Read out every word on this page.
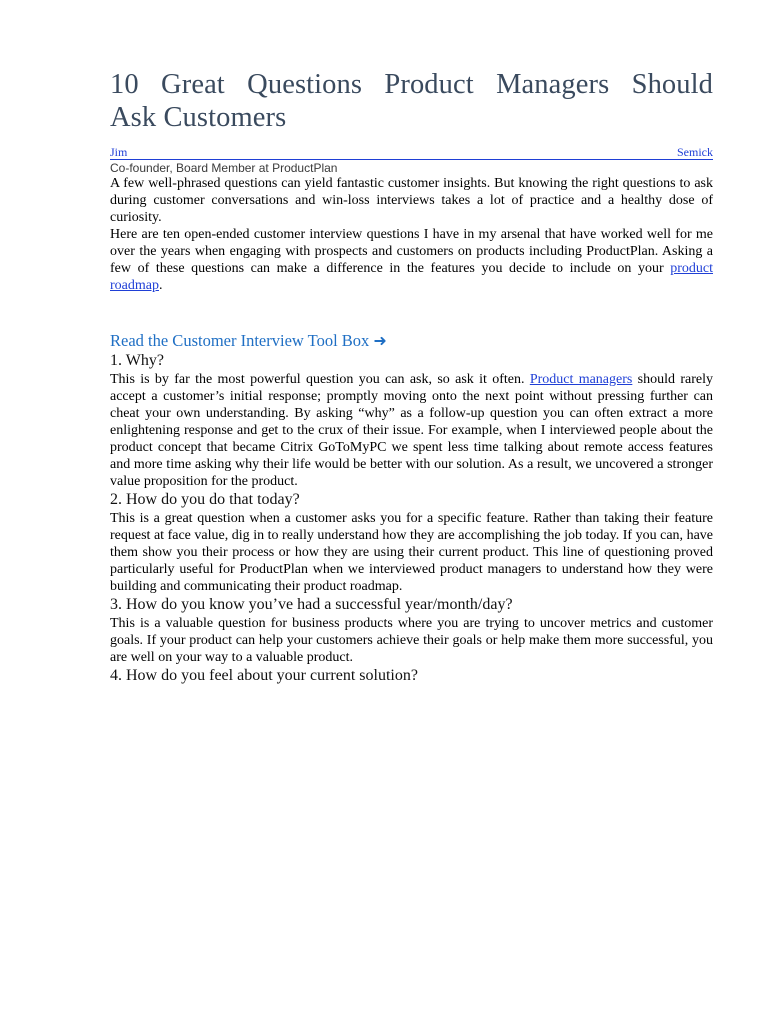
10 Great Questions Product Managers Should
Ask Customers
Jim	Semick
Co-founder, Board Member at ProductPlan

A few well-phrased questions can yield fantastic customer insights. But knowing the right questions to ask during customer conversations and win-loss interviews takes a lot of practice and a healthy dose of curiosity.

Here are ten open-ended customer interview questions I have in my arsenal that have worked well for me over the years when engaging with prospects and customers on products including ProductPlan. Asking a few of these questions can make a difference in the features you decide to include on your product roadmap.

Read the Customer Interview Tool Box ➜
1. Why?

This is by far the most powerful question you can ask, so ask it often. Product managers should rarely accept a customer’s initial response; promptly moving onto the next point without pressing further can cheat your own understanding. By asking “why” as a follow-up question you can often extract a more enlightening response and get to the crux of their issue. For example, when I interviewed people about the product concept that became Citrix GoToMyPC we spent less time talking about remote access features and more time asking why their life would be better with our solution. As a result, we uncovered a stronger value proposition for the product.

2. How do you do that today?

This is a great question when a customer asks you for a specific feature. Rather than taking their feature request at face value, dig in to really understand how they are accomplishing the job today. If you can, have them show you their process or how they are using their current product. This line of questioning proved particularly useful for ProductPlan when we interviewed product managers to understand how they were building and communicating their product roadmap.

3. How do you know you’ve had a successful year/month/day?

This is a valuable question for business products where you are trying to uncover metrics and customer goals. If your product can help your customers achieve their goals or help make them more successful, you are well on your way to a valuable product.

4. How do you feel about your current solution?
